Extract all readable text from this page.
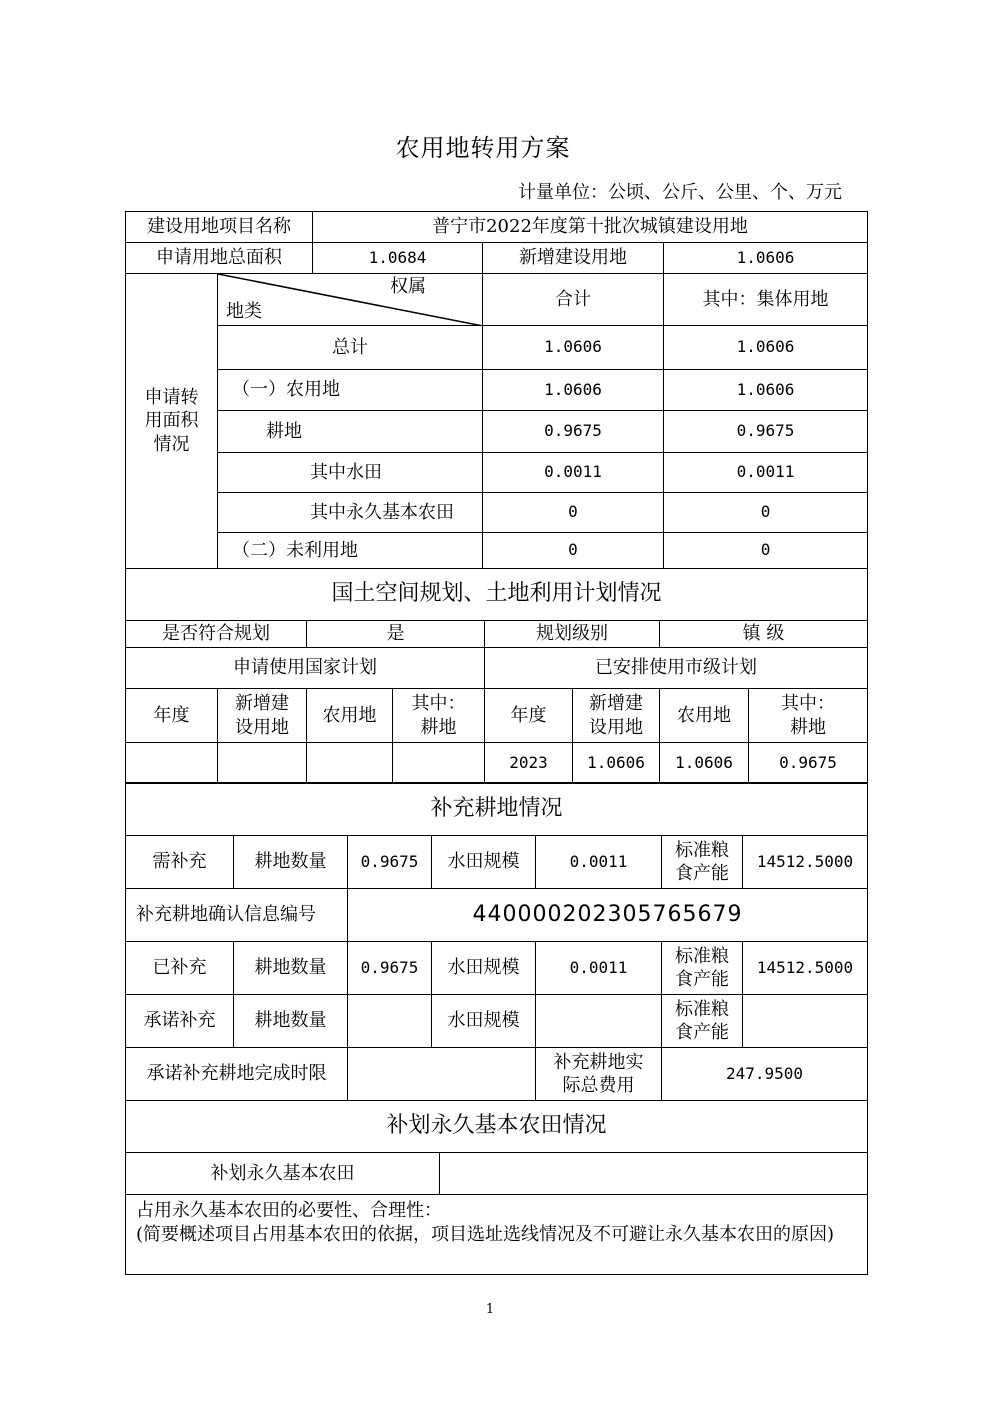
农用地转用方案
计量单位：公顷、公斤、公里、个、万元
建设用地项目名称		普宁市2022年度第十批次城镇建设用地		
申请用地总面积		1.0684	新增建设用地	1.0606
申请转用面积情况	权属
地类		合计	其中：集体用地
	总计		1.0606	1.0606
	（一）农用地		1.0606	1.0606
	耕地		0.9675	0.9675
	其中水田		0.0011	0.0011
	其中永久基本农田		0	0
	（二）未利用地		0	0
国土空间规划、土地利用计划情况							
是否符合规划		是		规划级别		镇 级	
申请使用国家计划				已安排使用市级计划			
年度	新增建设用地	农用地	其中：耕地	年度	新增建设用地	农用地	其中：耕地
				2023	1.0606	1.0606	0.9675
补充耕地情况						
需补充	耕地数量	0.9675	水田规模	0.0011	标准粮食产能	14512.5000
补充耕地确认信息编号		440000202305765679				
已补充	耕地数量	0.9675	水田规模	0.0011	标准粮食产能	14512.5000
承诺补充	耕地数量		水田规模		标准粮食产能	
承诺补充耕地完成时限				补充耕地实际总费用	247.9500	
补划永久基本农田情况
补划永久基本农田	

占用永久基本农田的必要性、合理性：
(简要概述项目占用基本农田的依据，项目选址选线情况及不可避让永久基本农田的原因)
1
